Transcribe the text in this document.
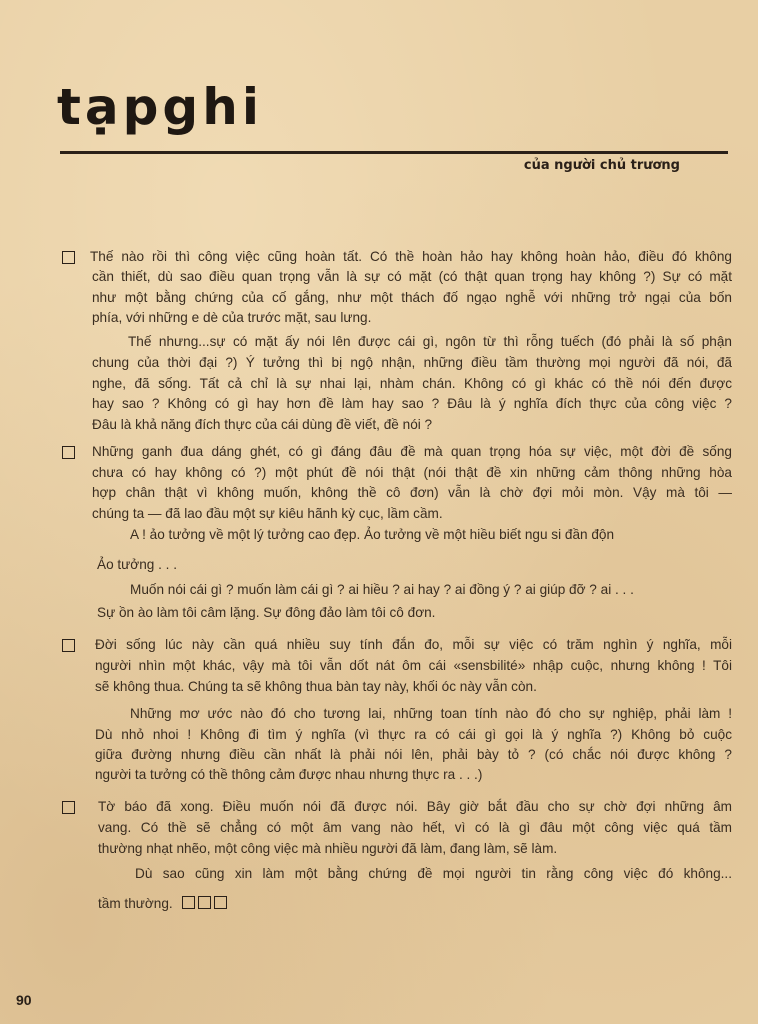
tạpghi
của người chủ trương
Thế nào rồi thì công việc cũng hoàn tất. Có thề hoàn hảo hay không hoàn hảo, điều đó không
cần thiết, dù sao điều quan trọng vẫn là sự có mặt (có thật quan trọng hay không ?) Sự có mặt
như một bằng chứng của cố gắng, như một thách đố ngạo nghễ với những trở ngại của bốn
phía, với những e dè của trước mặt, sau lưng.
Thế nhưng...sự có mặt ấy nói lên được cái gì, ngôn từ thì rỗng tuếch (đó phải là số phận
chung của thời đại ?) Ý tưởng thì bị ngộ nhận, những điều tầm thường mọi người đã nói, đã
nghe, đã sống. Tất cả chỉ là sự nhai lại, nhàm chán. Không có gì khác có thề nói đến được
hay sao ? Không có gì hay hơn đề làm hay sao ? Đâu là ý nghĩa đích thực của công việc ?
Đâu là khả năng đích thực của cái dùng đề viết, đề nói ?
Những ganh đua dáng ghét, có gì đáng đâu đề mà quan trọng hóa sự việc, một đời đề sống
chưa có hay không có ?) một phút đề nói thật (nói thật đề xin những cảm thông những hòa
hợp chân thật vì không muốn, không thề cô đơn) vẫn là chờ đợi mỏi mòn. Vậy mà tôi —
chúng ta — đã lao đầu một sự kiêu hãnh kỳ cục, lầm cầm.
A ! ảo tưởng về một lý tưởng cao đẹp. Ảo tưởng về một hiều biết ngu si đần độn
Ảo tưởng . . .
Muốn nói cái gì ? muốn làm cái gì ? ai hiều ? ai hay ? ai đồng ý ? ai giúp đỡ ? ai . . .
Sự ồn ào làm tôi câm lặng. Sự đông đảo làm tôi cô đơn.
Đời sống lúc này cần quá nhiều suy tính đắn đo, mỗi sự việc có trăm nghìn ý nghĩa, mỗi
người nhìn một khác, vậy mà tôi vẫn dốt nát ôm cái «sensbilité» nhập cuộc, nhưng không ! Tôi
sẽ không thua. Chúng ta sẽ không thua bàn tay này, khối óc này vẫn còn.
Những mơ ước nào đó cho tương lai, những toan tính nào đó cho sự nghiệp, phải làm !
Dù nhỏ nhoi ! Không đi tìm ý nghĩa (vì thực ra có cái gì gọi là ý nghĩa ?) Không bỏ cuộc
giữa đường nhưng điều cần nhất là phải nói lên, phải bày tỏ ? (có chắc nói được không ?
người ta tưởng có thề thông cảm được nhau nhưng thực ra . . .)
Tờ báo đã xong. Điều muốn nói đã được nói. Bây giờ bắt đầu cho sự chờ đợi những âm
vang. Có thề sẽ chẳng có một âm vang nào hết, vì có là gì đâu một công việc quá tầm
thường nhạt nhẽo, một công việc mà nhiều người đã làm, đang làm, sẽ làm.
Dù sao cũng xin làm một bằng chứng đề mọi người tin rằng công việc đó không...
tầm thường.
90
